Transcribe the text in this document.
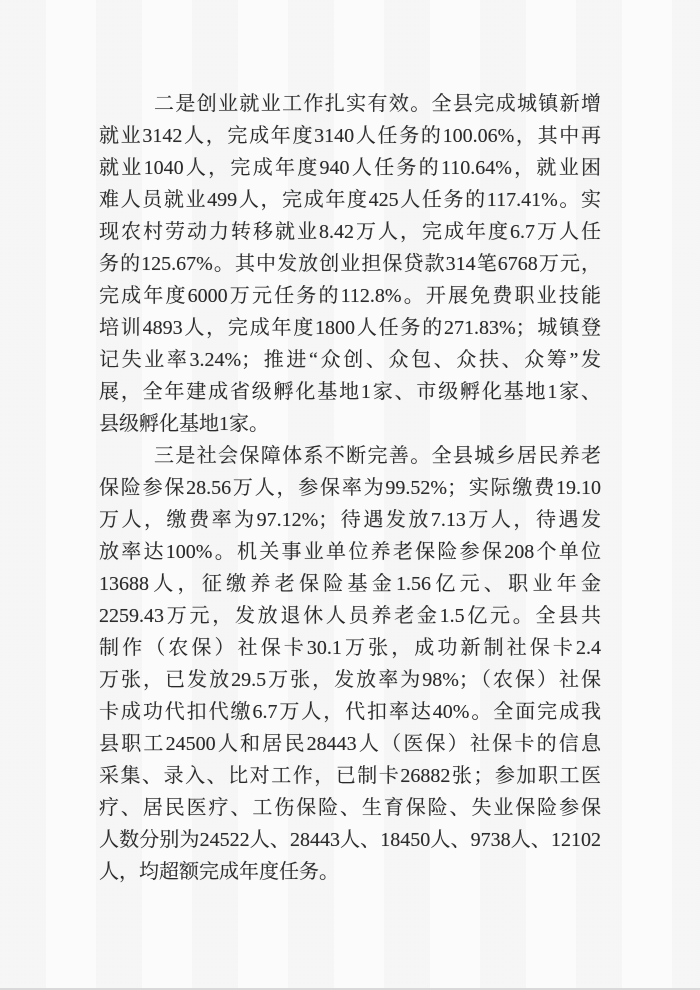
二是创业就业工作扎实有效。全县完成城镇新增
就业3142人，完成年度3140人任务的100.06%，其中再
就业1040人，完成年度940人任务的110.64%，就业困
难人员就业499人，完成年度425人任务的117.41%。实
现农村劳动力转移就业8.42万人，完成年度6.7万人任
务的125.67%。其中发放创业担保贷款314笔6768万元，
完成年度6000万元任务的112.8%。开展免费职业技能
培训4893人，完成年度1800人任务的271.83%；城镇登
记失业率3.24%；推进“众创、众包、众扶、众筹”发
展，全年建成省级孵化基地1家、市级孵化基地1家、
县级孵化基地1家。
三是社会保障体系不断完善。全县城乡居民养老
保险参保28.56万人，参保率为99.52%；实际缴费19.10
万人，缴费率为97.12%；待遇发放7.13万人，待遇发
放率达100%。机关事业单位养老保险参保208个单位
13688人，征缴养老保险基金1.56亿元、职业年金
2259.43万元，发放退休人员养老金1.5亿元。全县共
制作（农保）社保卡30.1万张，成功新制社保卡2.4
万张，已发放29.5万张，发放率为98%；（农保）社保
卡成功代扣代缴6.7万人，代扣率达40%。全面完成我
县职工24500人和居民28443人（医保）社保卡的信息
采集、录入、比对工作，已制卡26882张；参加职工医
疗、居民医疗、工伤保险、生育保险、失业保险参保
人数分别为24522人、28443人、18450人、9738人、12102
人，均超额完成年度任务。
